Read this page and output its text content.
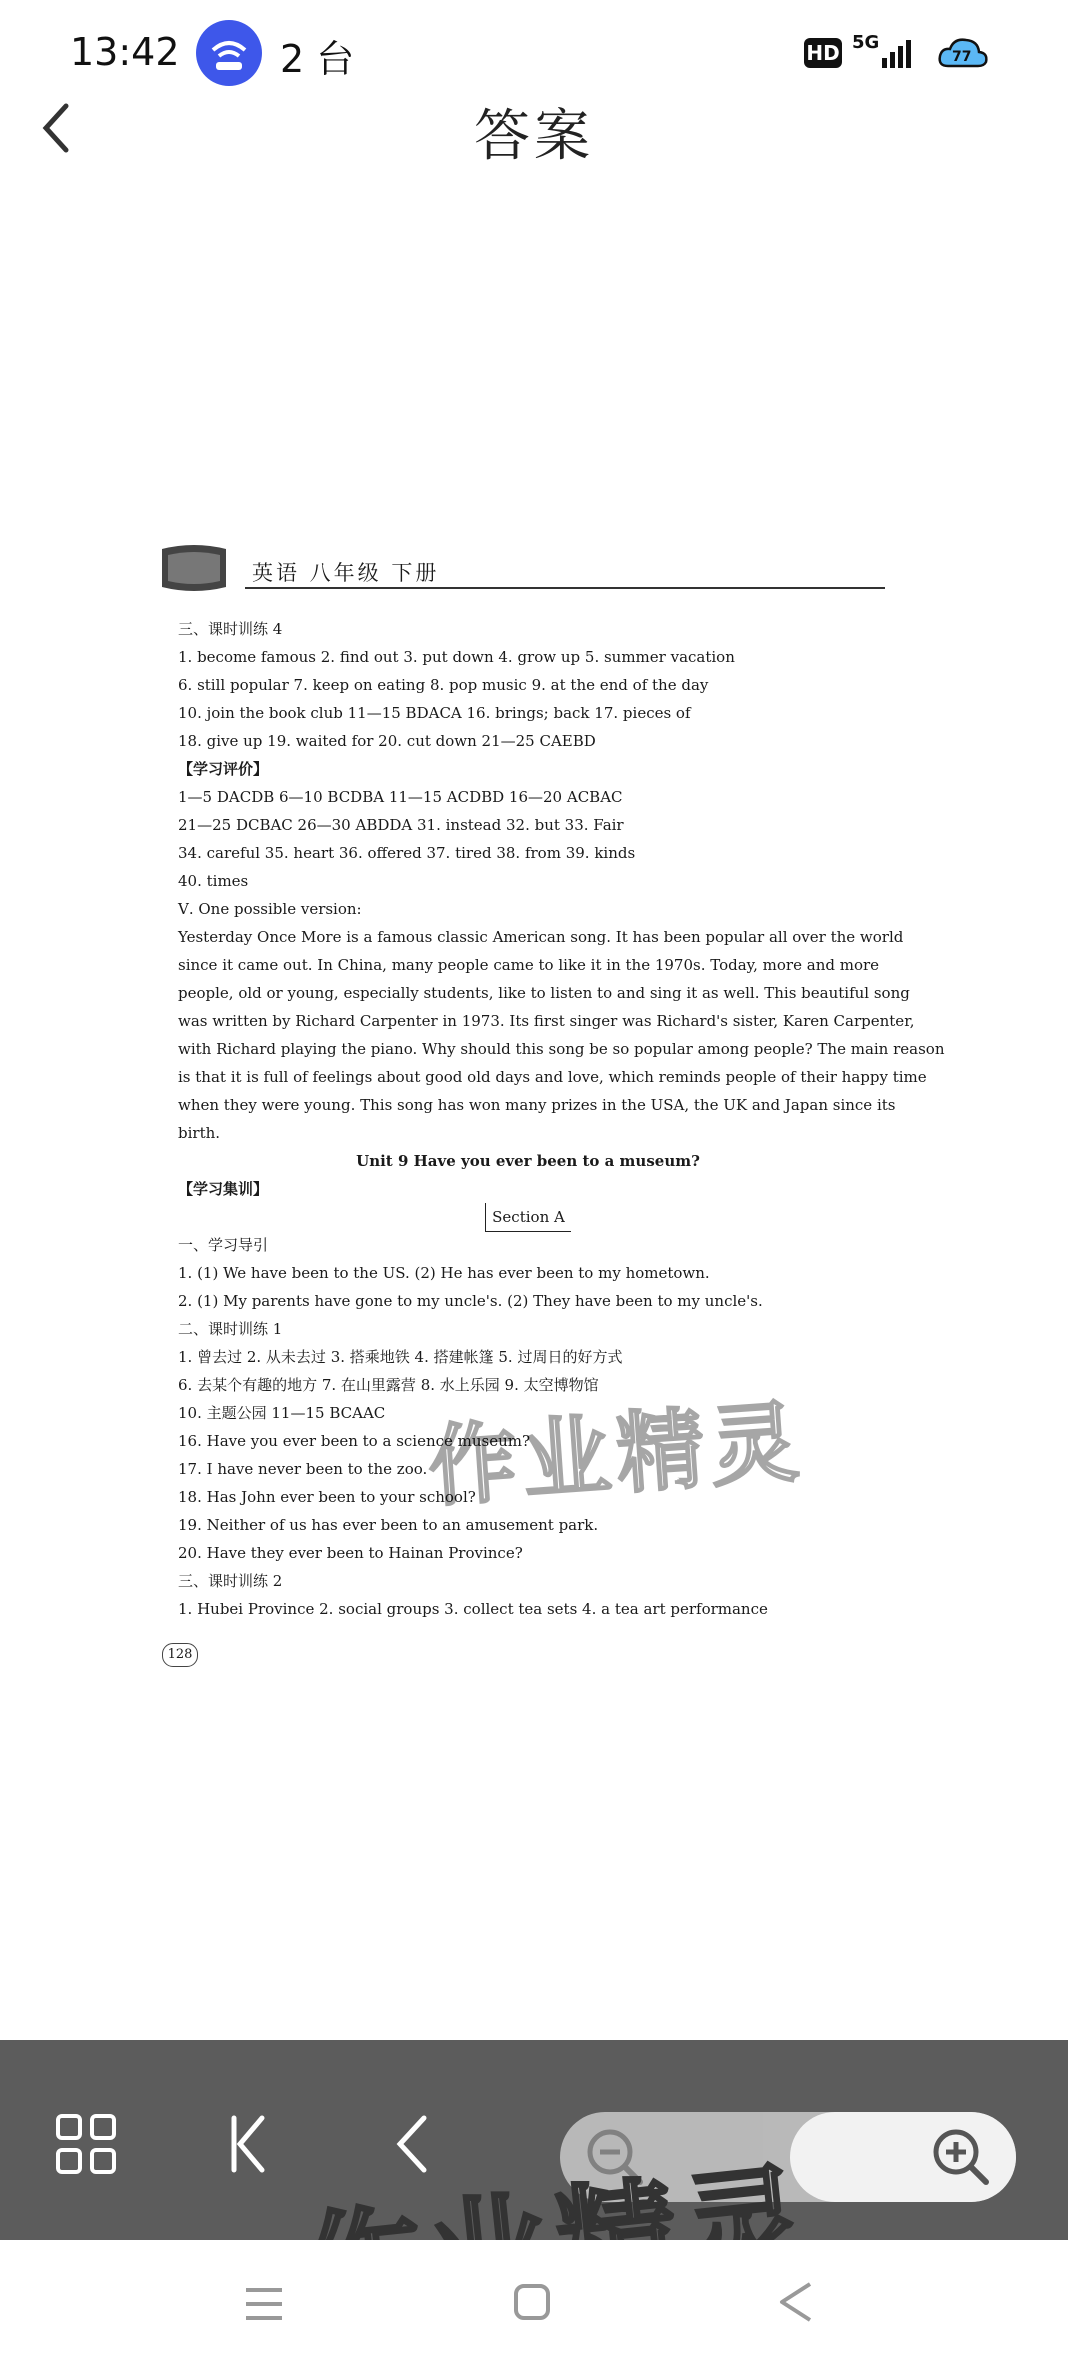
13:42	2 台	HD 5G
77
答案
英语 八年级 下册
三、课时训练 4
1. become famous 2. find out 3. put down 4. grow up 5. summer vacation
6. still popular 7. keep on eating 8. pop music 9. at the end of the day
10. join the book club 11—15 BDACA 16. brings; back 17. pieces of
18. give up 19. waited for 20. cut down 21—25 CAEBD
【学习评价】
1—5 DACDB 6—10 BCDBA 11—15 ACDBD 16—20 ACBAC
21—25 DCBAC 26—30 ABDDA 31. instead 32. but 33. Fair
34. careful 35. heart 36. offered 37. tired 38. from 39. kinds
40. times
Ⅴ. One possible version:

Yesterday Once More is a famous classic American song. It has been popular all over the world

since it came out. In China, many people came to like it in the 1970s. Today, more and more

people, old or young, especially students, like to listen to and sing it as well. This beautiful song

was written by Richard Carpenter in 1973. Its first singer was Richard's sister, Karen Carpenter,

with Richard playing the piano. Why should this song be so popular among people? The main reason

is that it is full of feelings about good old days and love, which reminds people of their happy time

when they were young. This song has won many prizes in the USA, the UK and Japan since its

birth.

Unit 9 Have you ever been to a museum?
【学习集训】
Section A
一、学习导引
1. (1) We have been to the US. (2) He has ever been to my hometown.
2. (1) My parents have gone to my uncle's. (2) They have been to my uncle's.
二、课时训练 1
1. 曾去过 2. 从未去过 3. 搭乘地铁 4. 搭建帐篷 5. 过周日的好方式
6. 去某个有趣的地方 7. 在山里露营 8. 水上乐园 9. 太空博物馆
10. 主题公园 11—15 BCAAC
16. Have you ever been to a science museum?
17. I have never been to the zoo.
18. Has John ever been to your school?
19. Neither of us has ever been to an amusement park.
20. Have they ever been to Hainan Province?
三、课时训练 2
1. Hubei Province 2. social groups 3. collect tea sets 4. a tea art performance
128
作业精灵
